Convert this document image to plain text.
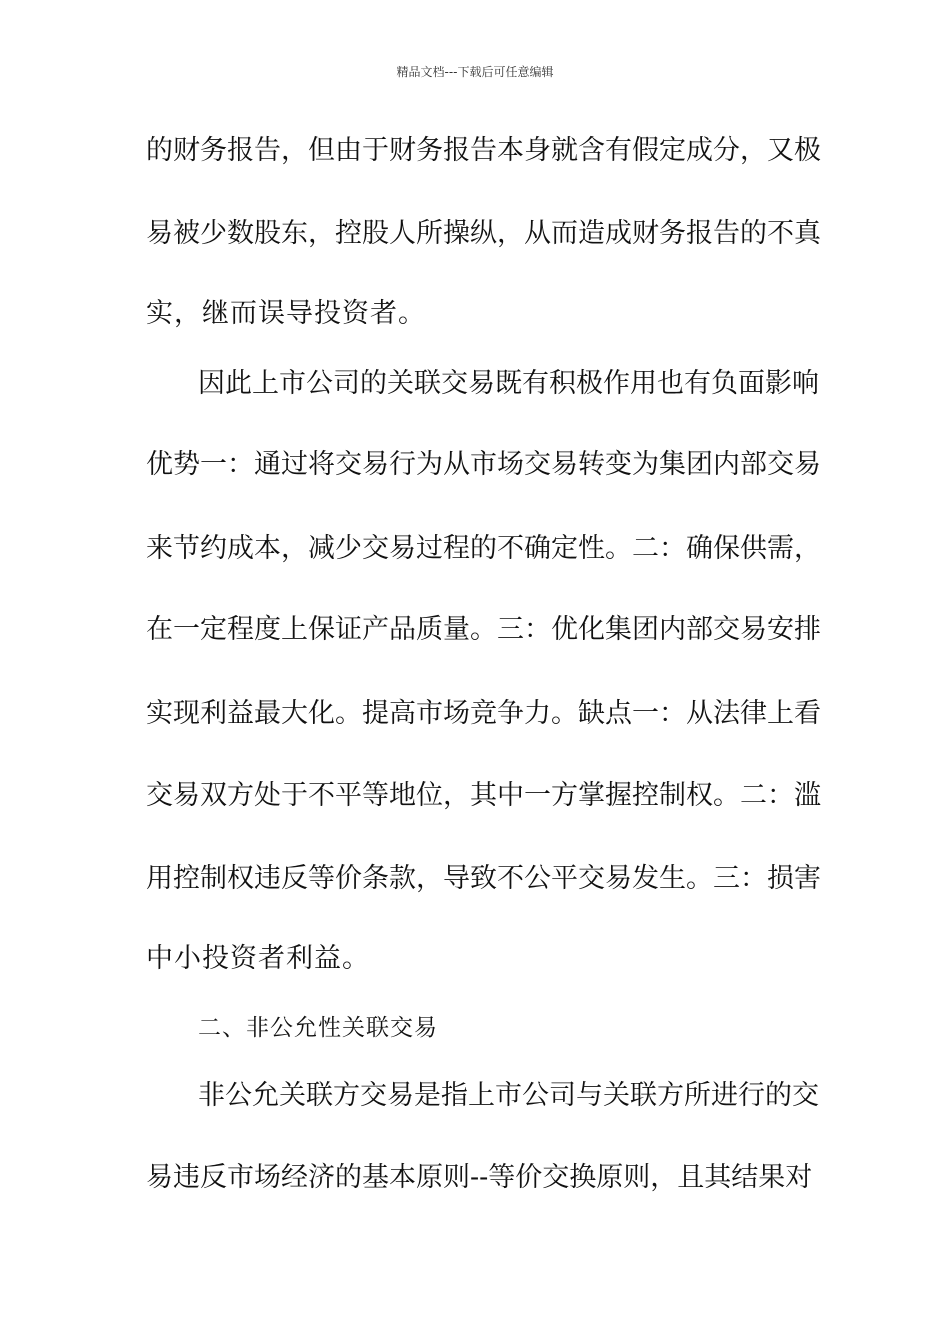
精品文档---下载后可任意编辑
的财务报告，但由于财务报告本身就含有假定成分，又极
易被少数股东，控股人所操纵，从而造成财务报告的不真
实，继而误导投资者。
因此上市公司的关联交易既有积极作用也有负面影响
优势一：通过将交易行为从市场交易转变为集团内部交易
来节约成本，减少交易过程的不确定性。二：确保供需，
在一定程度上保证产品质量。三：优化集团内部交易安排
实现利益最大化。提高市场竞争力。缺点一：从法律上看
交易双方处于不平等地位，其中一方掌握控制权。二：滥
用控制权违反等价条款，导致不公平交易发生。三：损害
中小投资者利益。
二、非公允性关联交易
非公允关联方交易是指上市公司与关联方所进行的交
易违反市场经济的基本原则--等价交换原则，且其结果对
